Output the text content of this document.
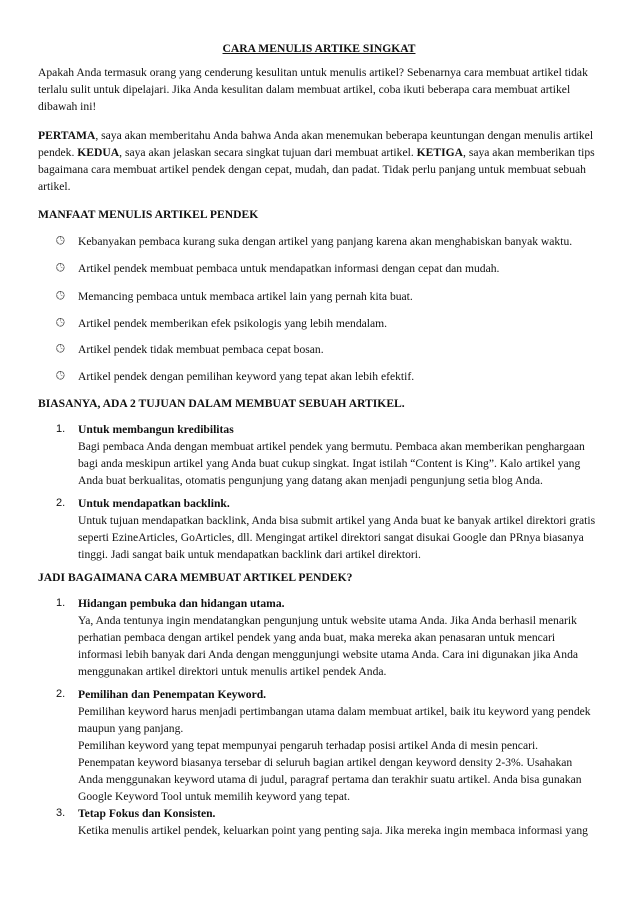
CARA MENULIS ARTIKE SINGKAT
Apakah Anda termasuk orang yang cenderung kesulitan untuk menulis artikel? Sebenarnya cara membuat artikel tidak terlalu sulit untuk dipelajari. Jika Anda kesulitan dalam membuat artikel, coba ikuti beberapa cara membuat artikel dibawah ini!
PERTAMA, saya akan memberitahu Anda bahwa Anda akan menemukan beberapa keuntungan dengan menulis artikel pendek. KEDUA, saya akan jelaskan secara singkat tujuan dari membuat artikel. KETIGA, saya akan memberikan tips bagaimana cara membuat artikel pendek dengan cepat, mudah, dan padat. Tidak perlu panjang untuk membuat sebuah artikel.
MANFAAT MENULIS ARTIKEL PENDEK
🕒︎	Kebanyakan pembaca kurang suka dengan artikel yang panjang karena akan menghabiskan banyak waktu.
🕒︎	Artikel pendek membuat pembaca untuk mendapatkan informasi dengan cepat dan mudah.
🕒︎	Memancing pembaca untuk membaca artikel lain yang pernah kita buat.
🕒︎	Artikel pendek memberikan efek psikologis yang lebih mendalam.
🕒︎	Artikel pendek tidak membuat pembaca cepat bosan.
🕒︎	Artikel pendek dengan pemilihan keyword yang tepat akan lebih efektif.
BIASANYA, ADA 2 TUJUAN DALAM MEMBUAT SEBUAH ARTIKEL.
1. Untuk membangun kredibilitas
Bagi pembaca Anda dengan membuat artikel pendek yang bermutu. Pembaca akan memberikan penghargaan bagi anda meskipun artikel yang Anda buat cukup singkat. Ingat istilah “Content is King”. Kalo artikel yang Anda buat berkualitas, otomatis pengunjung yang datang akan menjadi pengunjung setia blog Anda.
2. Untuk mendapatkan backlink.
Untuk tujuan mendapatkan backlink, Anda bisa submit artikel yang Anda buat ke banyak artikel direktori gratis seperti EzineArticles, GoArticles, dll. Mengingat artikel direktori sangat disukai Google dan PRnya biasanya tinggi. Jadi sangat baik untuk mendapatkan backlink dari artikel direktori.
JADI BAGAIMANA CARA MEMBUAT ARTIKEL PENDEK?
1. Hidangan pembuka dan hidangan utama.
Ya, Anda tentunya ingin mendatangkan pengunjung untuk website utama Anda. Jika Anda berhasil menarik perhatian pembaca dengan artikel pendek yang anda buat, maka mereka akan penasaran untuk mencari informasi lebih banyak dari Anda dengan menggunjungi website utama Anda. Cara ini digunakan jika Anda menggunakan artikel direktori untuk menulis artikel pendek Anda.
2. Pemilihan dan Penempatan Keyword.
Pemilihan keyword harus menjadi pertimbangan utama dalam membuat artikel, baik itu keyword yang pendek maupun yang panjang.
Pemilihan keyword yang tepat mempunyai pengaruh terhadap posisi artikel Anda di mesin pencari. Penempatan keyword biasanya tersebar di seluruh bagian artikel dengan keyword density 2-3%. Usahakan Anda menggunakan keyword utama di judul, paragraf pertama dan terakhir suatu artikel. Anda bisa gunakan Google Keyword Tool untuk memilih keyword yang tepat.
3. Tetap Fokus dan Konsisten.
Ketika menulis artikel pendek, keluarkan point yang penting saja. Jika mereka ingin membaca informasi yang
